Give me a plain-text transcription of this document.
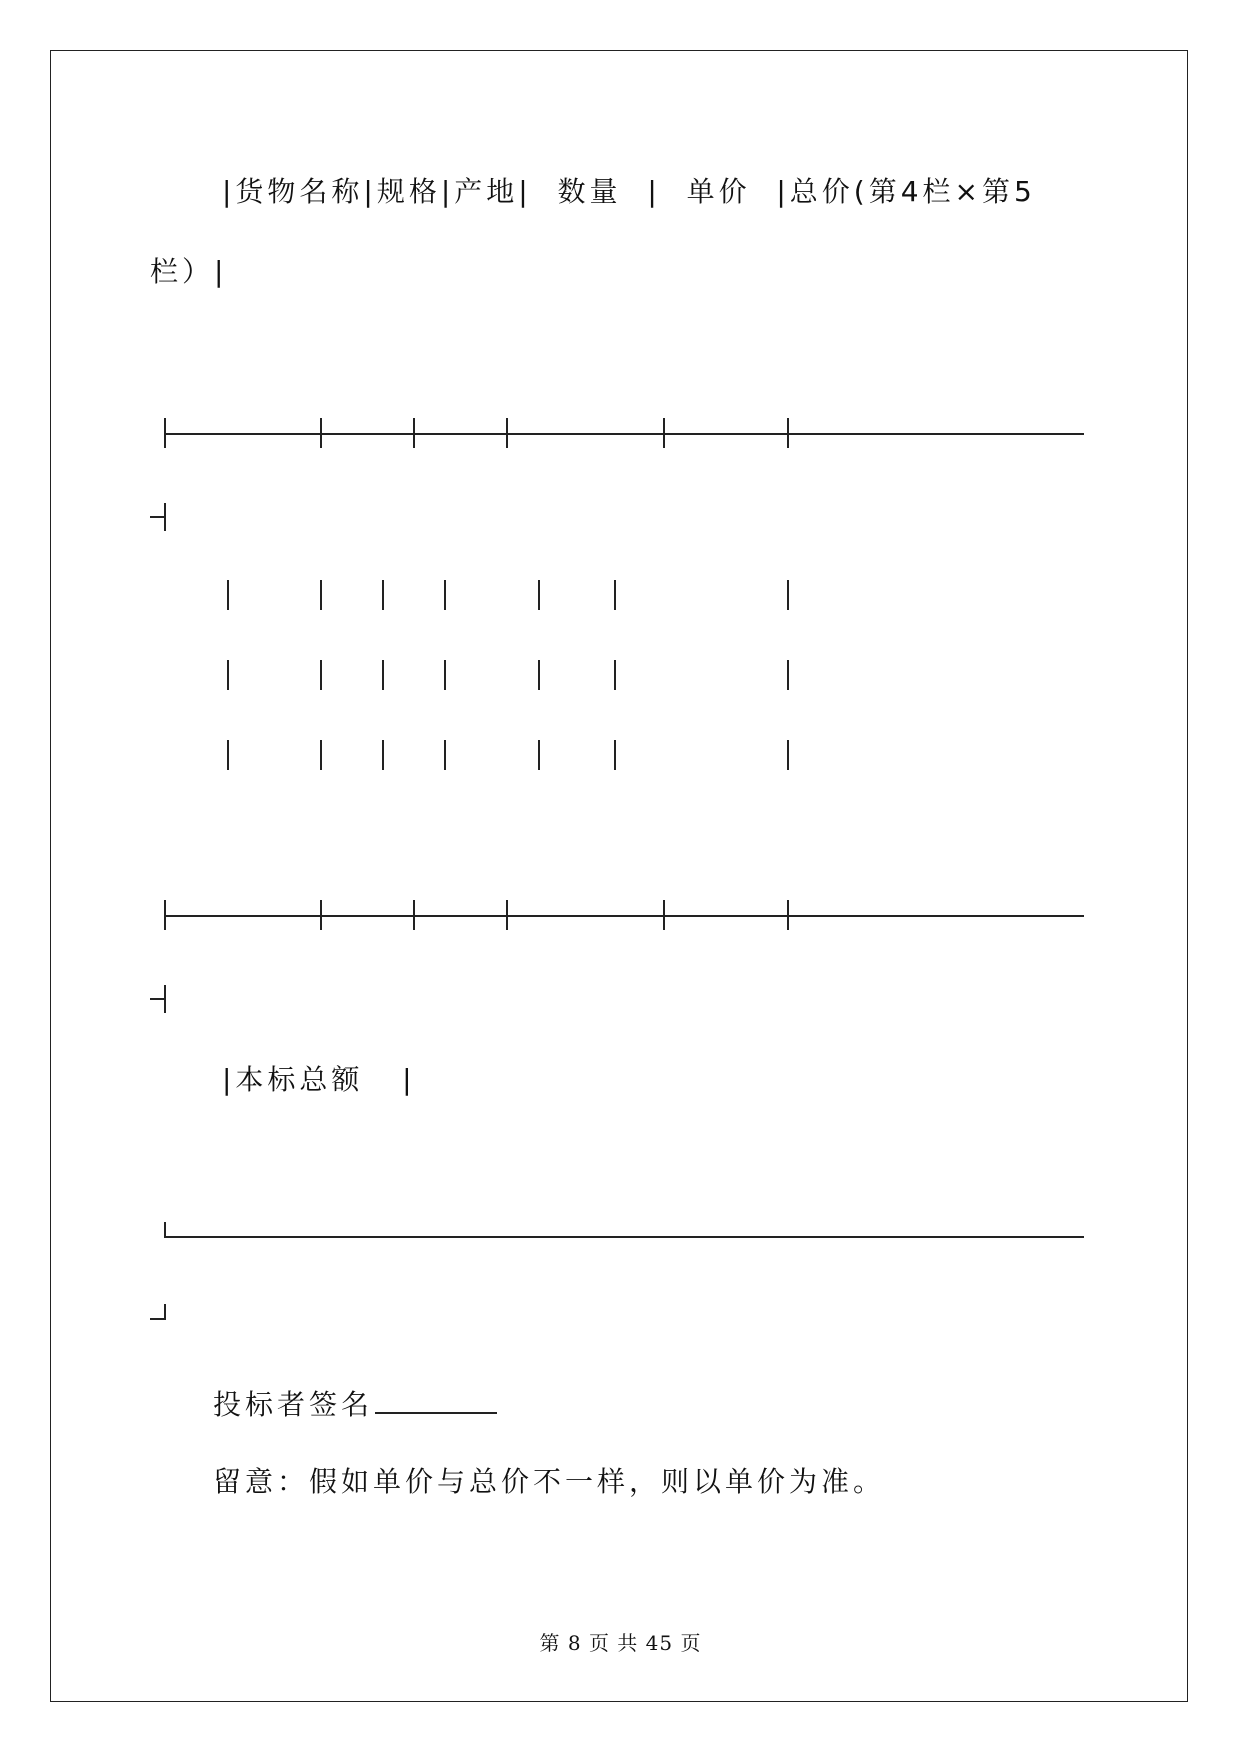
|货物名称|规格|产地|  数量  |  单价  |总价(第4栏×第5
栏）|
|本标总额   |
投标者签名
留意：假如单价与总价不一样，则以单价为准。
第 8 页 共 45 页
